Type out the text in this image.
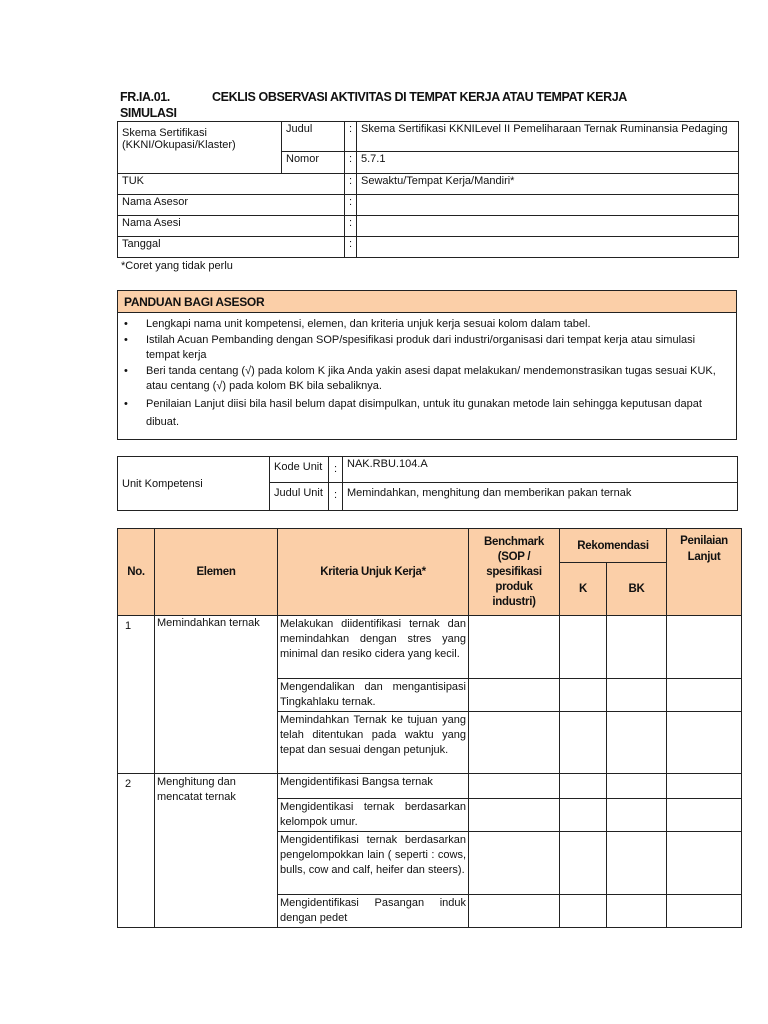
FR.IA.01.	CEKLIS OBSERVASI AKTIVITAS DI TEMPAT KERJA ATAU TEMPAT KERJA
SIMULASI
Skema Sertifikasi
(KKNI/Okupasi/Klaster)	Judul	:	Skema Sertifikasi KKNILevel II Pemeliharaan Ternak Ruminansia Pedaging
	Nomor	:	5.7.1
TUK		:	Sewaktu/Tempat Kerja/Mandiri*
Nama Asesor		:	
Nama Asesi		:	
Tanggal		:	
*Coret yang tidak perlu
PANDUAN BAGI ASESOR
• Lengkapi nama unit kompetensi, elemen, dan kriteria unjuk kerja sesuai kolom dalam tabel.
• Istilah Acuan Pembanding dengan SOP/spesifikasi produk dari industri/organisasi dari tempat kerja atau simulasi tempat kerja
• Beri tanda centang (√) pada kolom K jika Anda yakin asesi dapat melakukan/ mendemonstrasikan tugas sesuai KUK, atau centang (√) pada kolom BK bila sebaliknya.
• Penilaian Lanjut diisi bila hasil belum dapat disimpulkan, untuk itu gunakan metode lain sehingga keputusan dapat dibuat.
Unit Kompetensi	Kode Unit	:	NAK.RBU.104.A
	Judul Unit	:	Memindahkan, menghitung dan memberikan pakan ternak
No.	Elemen	Kriteria Unjuk Kerja*	Benchmark (SOP / spesifikasi produk industri)	Rekomendasi		Penilaian Lanjut
				K	BK	
1	Memindahkan ternak	Melakukan diidentifikasi ternak dan memindahkan dengan stres yang minimal dan resiko cidera yang kecil.				
		Mengendalikan dan mengantisipasi Tingkahlaku ternak.				
		Memindahkan Ternak ke tujuan yang telah ditentukan pada waktu yang tepat dan sesuai dengan petunjuk.				
2	Menghitung dan mencatat ternak	Mengidentifikasi Bangsa ternak				
		Mengidentikasi ternak berdasarkan kelompok umur.				
		Mengidentifikasi ternak berdasarkan pengelompokkan lain ( seperti : cows, bulls, cow and calf, heifer dan steers).				
		Mengidentifikasi Pasangan induk dengan pedet				
